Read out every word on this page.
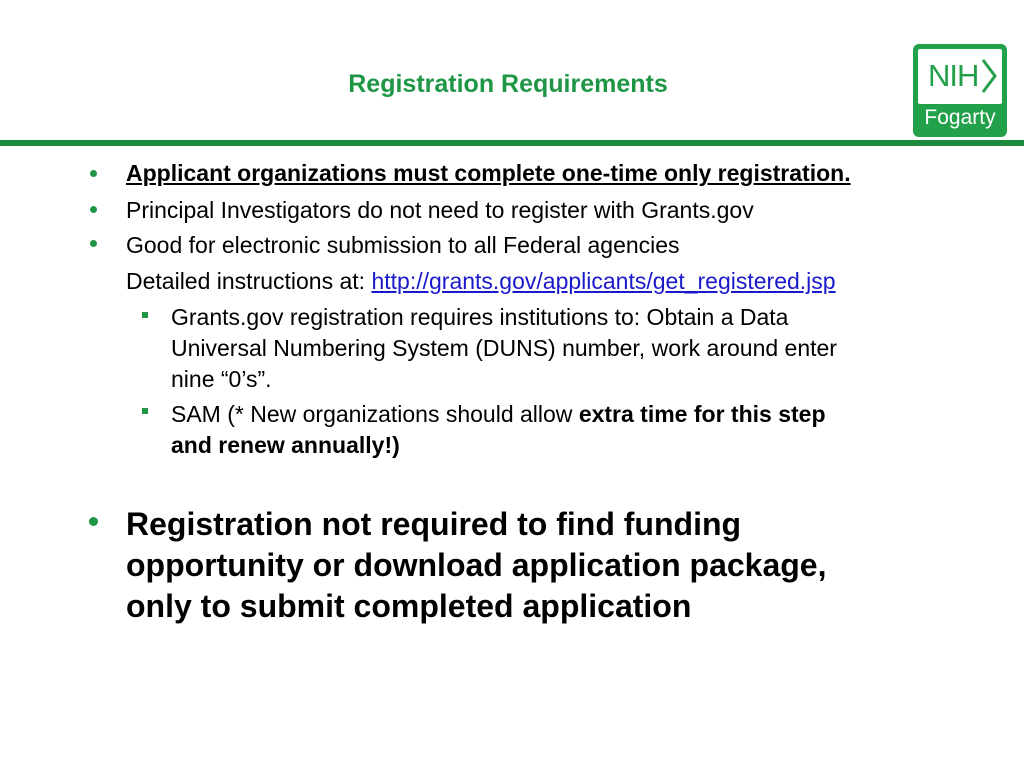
Registration Requirements	NIH
Fogarty
Applicant organizations must complete one-time only registration.
Principal Investigators do not need to register with Grants.gov
Good for electronic submission to all Federal agencies
Detailed instructions at: http://grants.gov/applicants/get_registered.jsp
Grants.gov registration requires institutions to: Obtain a Data
Universal Numbering System (DUNS) number, work around enter
nine “0’s”.
SAM (* New organizations should allow extra time for this step
and renew annually!)
Registration not required to find funding
opportunity or download application package,
only to submit completed application
